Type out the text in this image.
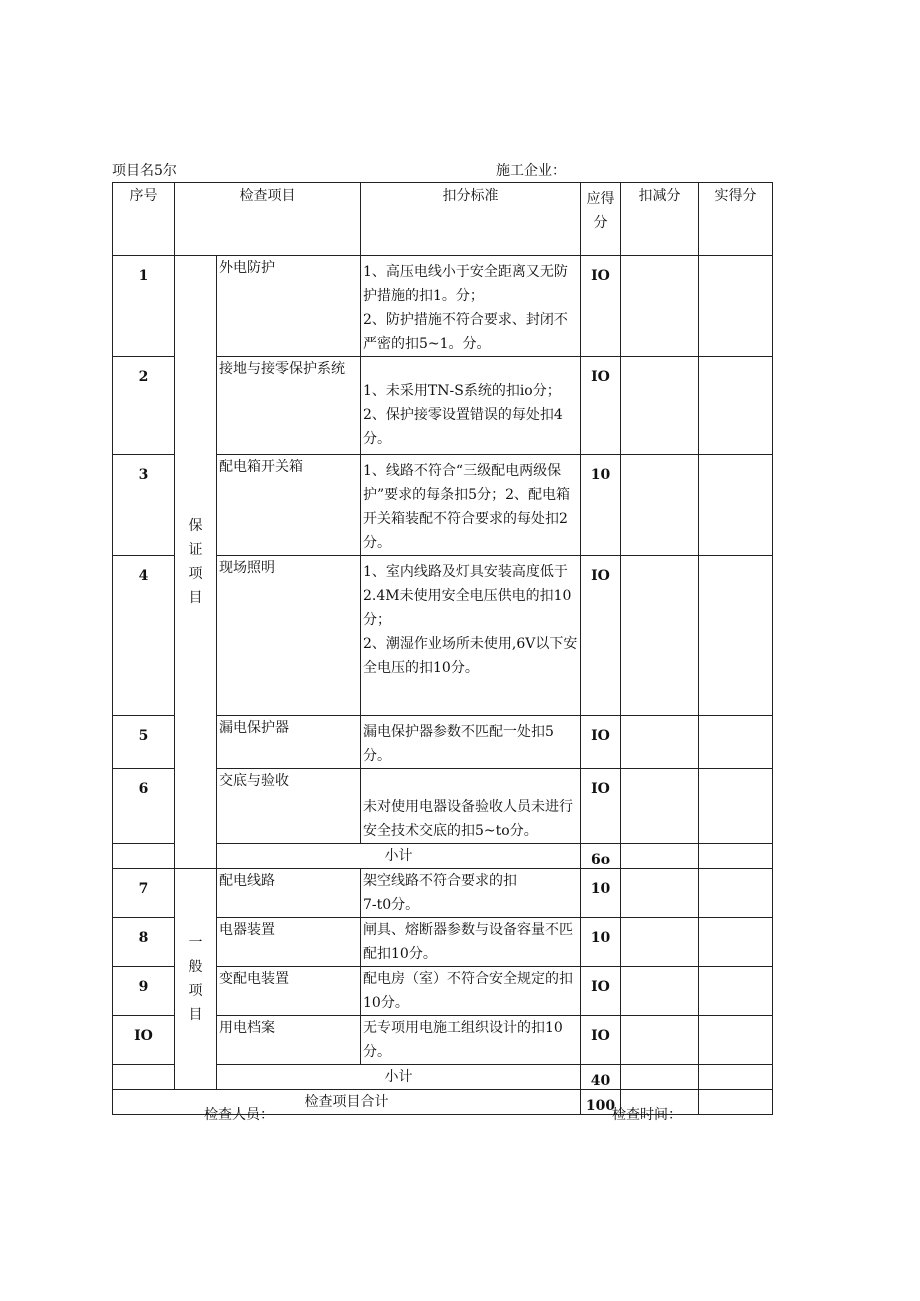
项目名5尔	施工企业：
序号	检查项目		扣分标准	应得分	扣减分	实得分
1	保证项目	外电防护	1、高压电线小于安全距离又无防护措施的扣1。分；
2、防护措施不符合要求、封闭不严密的扣5~1。分。	IO		
2		接地与接零保护系统	1、未采用TN-S系统的扣io分；
2、保护接零设置错误的每处扣4分。	IO		
3		配电箱开关箱	1、线路不符合“三级配电两级保护”要求的每条扣5分；2、配电箱开关箱装配不符合要求的每处扣2分。	10		
4		现场照明	1、室内线路及灯具安装高度低于2.4M未使用安全电压供电的扣10分；
2、潮湿作业场所未使用,6V以下安全电压的扣10分。	IO		
5		漏电保护器	漏电保护器参数不匹配一处扣5分。	IO		
6		交底与验收	未对使用电器设备验收人员未进行安全技术交底的扣5~to分。	IO		
		小计		6o		
7	一般项目	配电线路	架空线路不符合要求的扣
7-t0分。	10		
8		电器装置	闸具、熔断器参数与设备容量不匹配扣10分。	10		
9		变配电装置	配电房（室）不符合安全规定的扣10分。	IO		
IO		用电档案	无专项用电施工组织设计的扣10分。	IO		
		小计		40		
检查项目合计				100		
检查人员：	检查时间：
